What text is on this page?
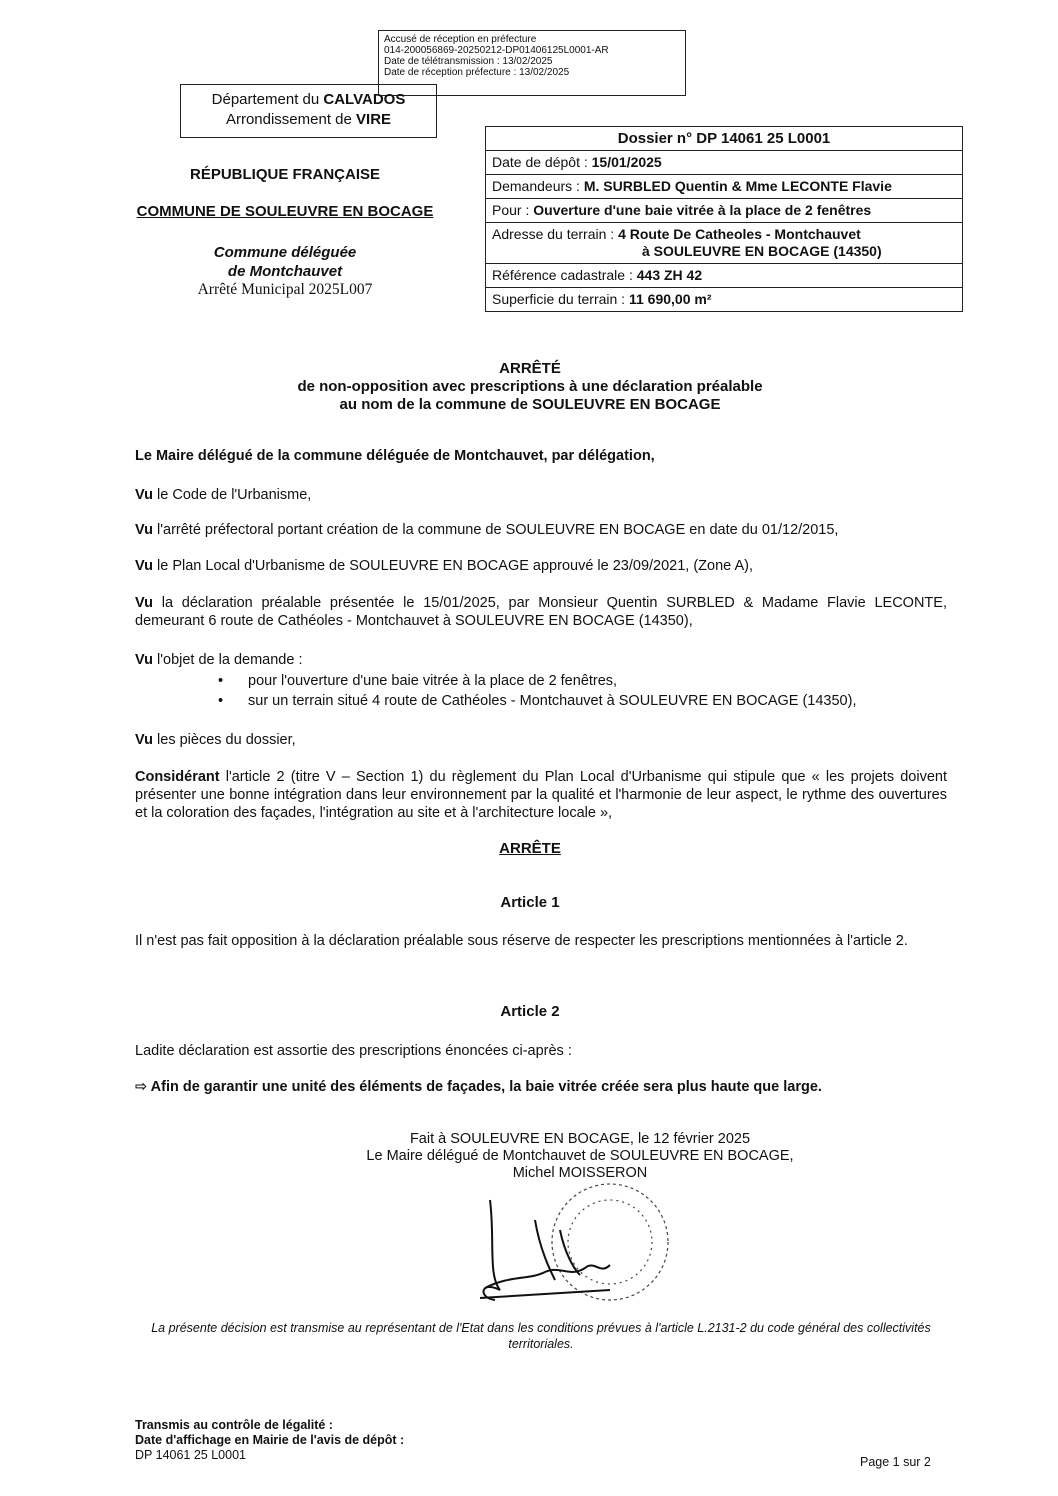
Accusé de réception en préfecture
014-200056869-20250212-DP01406125L0001-AR
Date de télétransmission : 13/02/2025
Date de réception préfecture : 13/02/2025
Département du CALVADOS
Arrondissement de VIRE
RÉPUBLIQUE FRANÇAISE
COMMUNE DE SOULEUVRE EN BOCAGE
Commune déléguée
de Montchauvet
Arrêté Municipal 2025L007
Dossier n° DP 14061 25 L0001
Date de dépôt : 15/01/2025
Demandeurs : M. SURBLED Quentin & Mme LECONTE Flavie
Pour : Ouverture d'une baie vitrée à la place de 2 fenêtres
Adresse du terrain : 4 Route De Catheoles - Montchauvet
à SOULEUVRE EN BOCAGE (14350)
Référence cadastrale : 443 ZH 42
Superficie du terrain : 11 690,00 m²
ARRÊTÉ
de non-opposition avec prescriptions à une déclaration préalable
au nom de la commune de SOULEUVRE EN BOCAGE
Le Maire délégué de la commune déléguée de Montchauvet, par délégation,
Vu le Code de l'Urbanisme,
Vu l'arrêté préfectoral portant création de la commune de SOULEUVRE EN BOCAGE en date du 01/12/2015,
Vu le Plan Local d'Urbanisme de SOULEUVRE EN BOCAGE approuvé le 23/09/2021, (Zone A),
Vu la déclaration préalable présentée le 15/01/2025, par Monsieur Quentin SURBLED & Madame Flavie LECONTE, demeurant 6 route de Cathéoles - Montchauvet à SOULEUVRE EN BOCAGE (14350),
Vu l'objet de la demande :
• pour l'ouverture d'une baie vitrée à la place de 2 fenêtres,
• sur un terrain situé 4 route de Cathéoles - Montchauvet à SOULEUVRE EN BOCAGE (14350),
Vu les pièces du dossier,
Considérant l'article 2 (titre V – Section 1) du règlement du Plan Local d'Urbanisme qui stipule que « les projets doivent présenter une bonne intégration dans leur environnement par la qualité et l'harmonie de leur aspect, le rythme des ouvertures et la coloration des façades, l'intégration au site et à l'architecture locale »,
ARRÊTE
Article 1
Il n'est pas fait opposition à la déclaration préalable sous réserve de respecter les prescriptions mentionnées à l'article 2.
Article 2
Ladite déclaration est assortie des prescriptions énoncées ci-après :
⇨ Afin de garantir une unité des éléments de façades, la baie vitrée créée sera plus haute que large.
Fait à SOULEUVRE EN BOCAGE, le 12 février 2025
Le Maire délégué de Montchauvet de SOULEUVRE EN BOCAGE,
Michel MOISSERON
La présente décision est transmise au représentant de l'Etat dans les conditions prévues à l'article L.2131-2 du code général des collectivités territoriales.
Transmis au contrôle de légalité :
Date d'affichage en Mairie de l'avis de dépôt :
DP 14061 25 L0001	Page 1 sur 2
